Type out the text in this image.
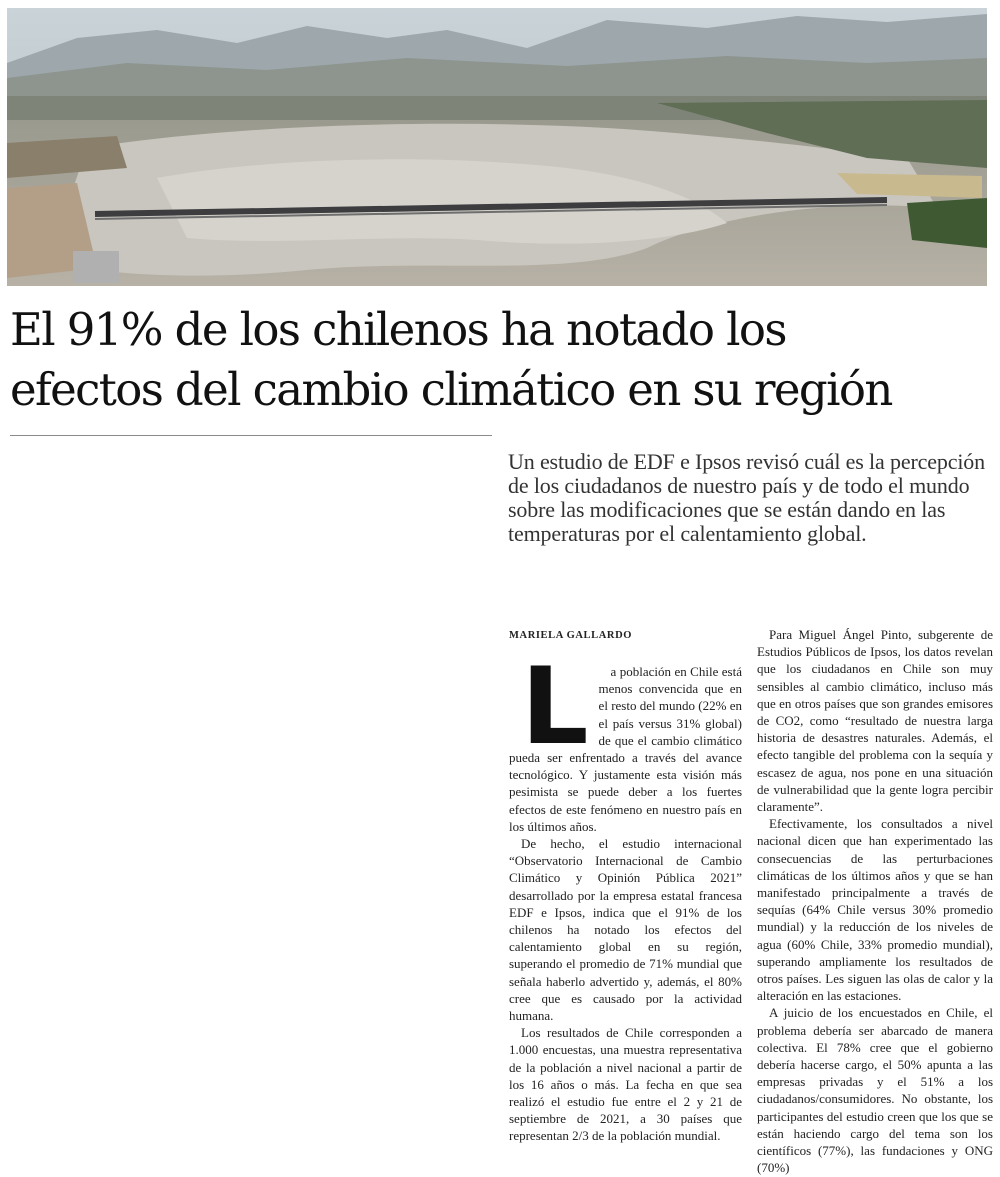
El 91% de los chilenos ha notado los
efectos del cambio climático en su región

Un estudio de EDF e Ipsos revisó cuál es la percepción de los ciudadanos de nuestro país y de todo el mundo sobre las modificaciones que se están dando en las temperaturas por el calentamiento global.

MARIELA GALLARDO

L a población en Chile está menos convencida que en el resto del mundo (22% en el país versus 31% global) de que el cambio climático pueda ser enfrentado a través del avance tecnológico. Y justamente esta visión más pesimista se puede deber a los fuertes efectos de este fenómeno en nuestro país en los últimos años.

De hecho, el estudio internacional “Observatorio Internacional de Cambio Climático y Opinión Pública 2021” desarrollado por la empresa estatal francesa EDF e Ipsos, indica que el 91% de los chilenos ha notado los efectos del calentamiento global en su región, superando el promedio de 71% mundial que señala haberlo advertido y, además, el 80% cree que es causado por la actividad humana.

Los resultados de Chile corresponden a 1.000 encuestas, una muestra representativa de la población a nivel nacional a partir de los 16 años o más. La fecha en que sea realizó el estudio fue entre el 2 y 21 de septiembre de 2021, a 30 países que representan 2/3 de la población mundial.

Para Miguel Ángel Pinto, subgerente de Estudios Públicos de Ipsos, los datos revelan que los ciudadanos en Chile son muy sensibles al cambio climático, incluso más que en otros países que son grandes emisores de CO2, como “resultado de nuestra larga historia de desastres naturales. Además, el efecto tangible del problema con la sequía y escasez de agua, nos pone en una situación de vulnerabilidad que la gente logra percibir claramente”.

Efectivamente, los consultados a nivel nacional dicen que han experimentado las consecuencias de las perturbaciones climáticas de los últimos años y que se han manifestado principalmente a través de sequías (64% Chile versus 30% promedio mundial) y la reducción de los niveles de agua (60% Chile, 33% promedio mundial), superando ampliamente los resultados de otros países. Les siguen las olas de calor y la alteración en las estaciones.

A juicio de los encuestados en Chile, el problema debería ser abarcado de manera colectiva. El 78% cree que el gobierno debería hacerse cargo, el 50% apunta a las empresas privadas y el 51% a los ciudadanos/consumidores. No obstante, los participantes del estudio creen que los que se están haciendo cargo del tema son los científicos (77%), las fundaciones y ONG (70%)
